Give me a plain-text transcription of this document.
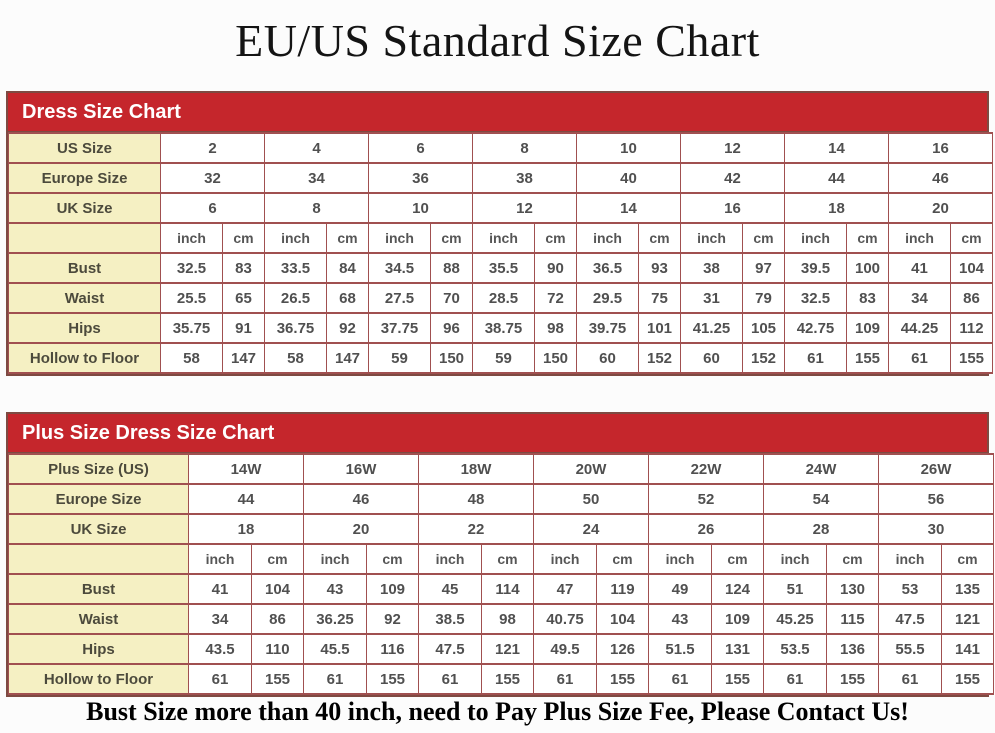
EU/US Standard Size Chart
Dress Size Chart
US Size	2		4		6		8		10		12		14		16	
Europe Size	32		34		36		38		40		42		44		46	
UK Size	6		8		10		12		14		16		18		20	
	inch	cm	inch	cm	inch	cm	inch	cm	inch	cm	inch	cm	inch	cm	inch	cm
Bust	32.5	83	33.5	84	34.5	88	35.5	90	36.5	93	38	97	39.5	100	41	104
Waist	25.5	65	26.5	68	27.5	70	28.5	72	29.5	75	31	79	32.5	83	34	86
Hips	35.75	91	36.75	92	37.75	96	38.75	98	39.75	101	41.25	105	42.75	109	44.25	112
Hollow to Floor	58	147	58	147	59	150	59	150	60	152	60	152	61	155	61	155
Plus Size Dress Size Chart
Plus Size (US)	14W		16W		18W		20W		22W		24W		26W	
Europe Size	44		46		48		50		52		54		56	
UK Size	18		20		22		24		26		28		30	
	inch	cm	inch	cm	inch	cm	inch	cm	inch	cm	inch	cm	inch	cm
Bust	41	104	43	109	45	114	47	119	49	124	51	130	53	135
Waist	34	86	36.25	92	38.5	98	40.75	104	43	109	45.25	115	47.5	121
Hips	43.5	110	45.5	116	47.5	121	49.5	126	51.5	131	53.5	136	55.5	141
Hollow to Floor	61	155	61	155	61	155	61	155	61	155	61	155	61	155
Bust Size more than 40 inch, need to Pay Plus Size Fee, Please Contact Us!
